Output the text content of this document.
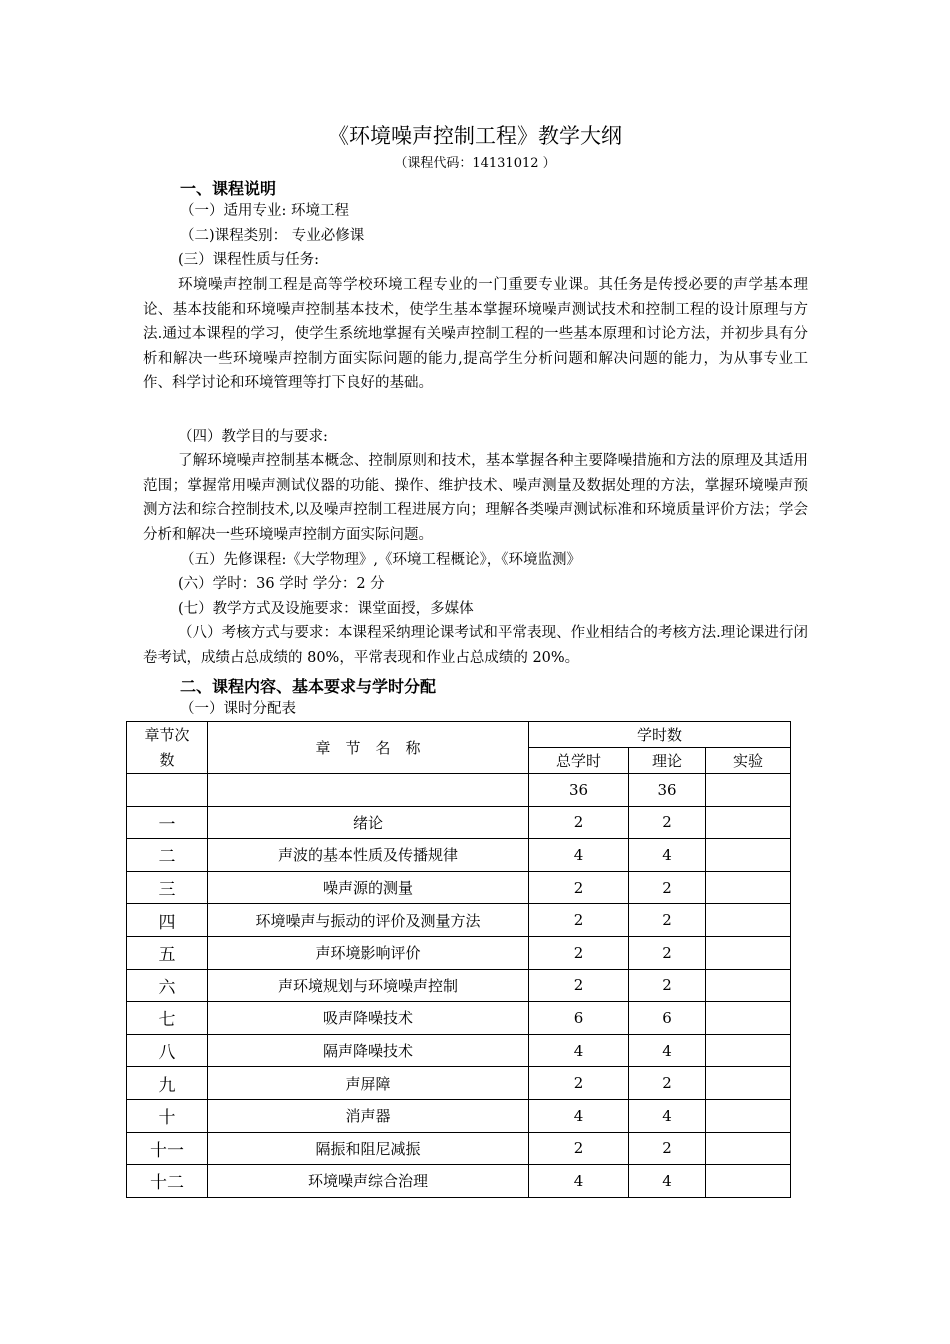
《环境噪声控制工程》教学大纲
（课程代码：14131012 ）
一、课程说明
（一）适用专业: 环境工程
（二)课程类别： 专业必修课
(三）课程性质与任务:

环境噪声控制工程是高等学校环境工程专业的一门重要专业课。其任务是传授必要的声学基本理论、基本技能和环境噪声控制基本技术，使学生基本掌握环境噪声测试技术和控制工程的设计原理与方法.通过本课程的学习，使学生系统地掌握有关噪声控制工程的一些基本原理和讨论方法，并初步具有分析和解决一些环境噪声控制方面实际问题的能力,提高学生分析问题和解决问题的能力，为从事专业工作、科学讨论和环境管理等打下良好的基础。

（四）教学目的与要求:

了解环境噪声控制基本概念、控制原则和技术，基本掌握各种主要降噪措施和方法的原理及其适用范围；掌握常用噪声测试仪器的功能、操作、维护技术、噪声测量及数据处理的方法，掌握环境噪声预测方法和综合控制技术,以及噪声控制工程进展方向；理解各类噪声测试标准和环境质量评价方法；学会分析和解决一些环境噪声控制方面实际问题。

（五）先修课程:《大学物理》,《环境工程概论》，《环境监测》
(六）学时：36 学时 学分：2 分
(七）教学方式及设施要求：课堂面授，多媒体

（八）考核方式与要求：本课程采纳理论课考试和平常表现、作业相结合的考核方法.理论课进行闭卷考试，成绩占总成绩的 80%，平常表现和作业占总成绩的 20%。

二、课程内容、基本要求与学时分配
（一）课时分配表
章节次数	章　节　名　称	学时数		
		总学时	理论	实验
		36	36	
一	绪论	2	2	
二	声波的基本性质及传播规律	4	4	
三	噪声源的测量	2	2	
四	环境噪声与振动的评价及测量方法	2	2	
五	声环境影响评价	2	2	
六	声环境规划与环境噪声控制	2	2	
七	吸声降噪技术	6	6	
八	隔声降噪技术	4	4	
九	声屏障	2	2	
十	消声器	4	4	
十一	隔振和阻尼减振	2	2	
十二	环境噪声综合治理	4	4	
